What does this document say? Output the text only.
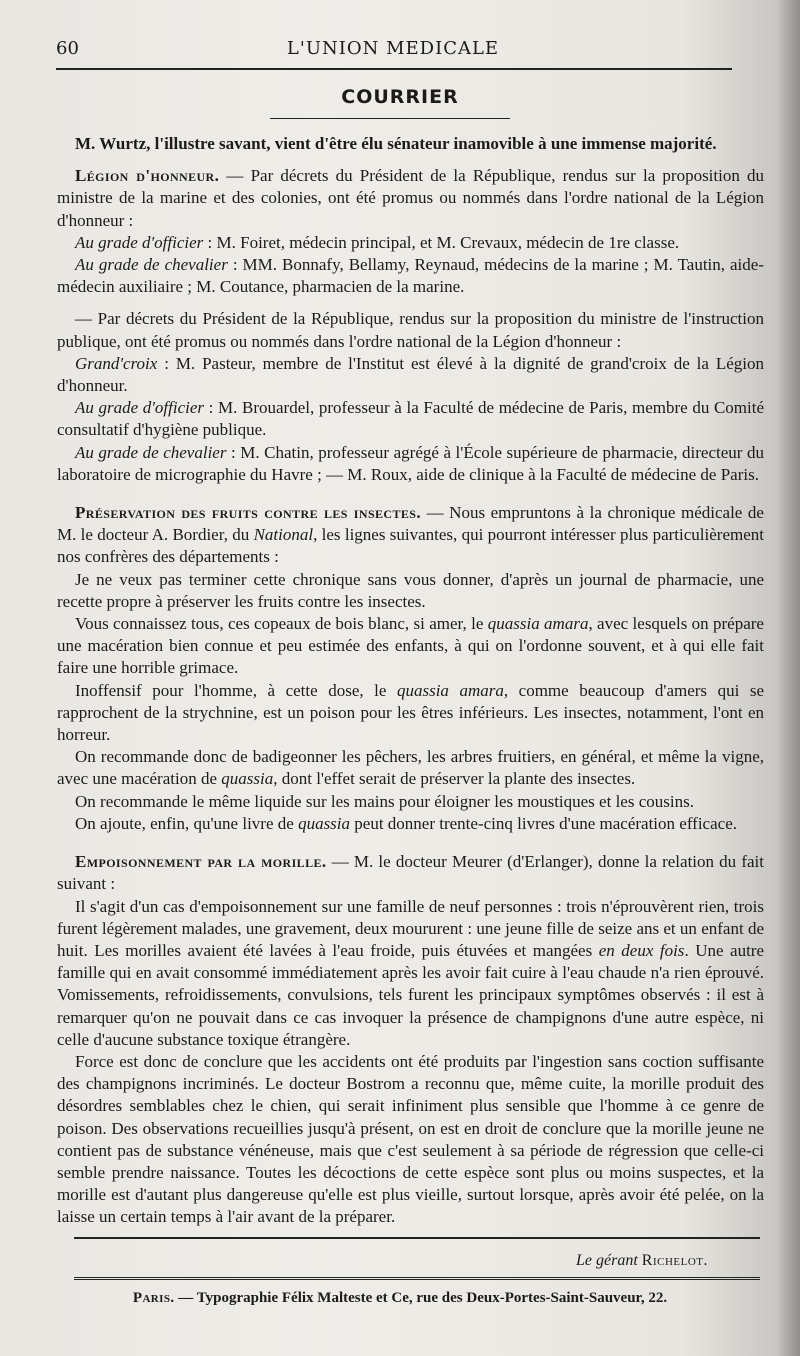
60	L'UNION MEDICALE
COURRIER

M. Wurtz, l'illustre savant, vient d'être élu sénateur inamovible à une immense majorité.

Légion d'honneur. — Par décrets du Président de la République, rendus sur la proposition du ministre de la marine et des colonies, ont été promus ou nommés dans l'ordre national de la Légion d'honneur :

Au grade d'officier : M. Foiret, médecin principal, et M. Crevaux, médecin de 1re classe.

Au grade de chevalier : MM. Bonnafy, Bellamy, Reynaud, médecins de la marine ; M. Tautin, aide-médecin auxiliaire ; M. Coutance, pharmacien de la marine.

— Par décrets du Président de la République, rendus sur la proposition du ministre de l'instruction publique, ont été promus ou nommés dans l'ordre national de la Légion d'honneur :

Grand'croix : M. Pasteur, membre de l'Institut est élevé à la dignité de grand'croix de la Légion d'honneur.

Au grade d'officier : M. Brouardel, professeur à la Faculté de médecine de Paris, membre du Comité consultatif d'hygiène publique.

Au grade de chevalier : M. Chatin, professeur agrégé à l'École supérieure de pharmacie, directeur du laboratoire de micrographie du Havre ; — M. Roux, aide de clinique à la Faculté de médecine de Paris.

Préservation des fruits contre les insectes. — Nous empruntons à la chronique médicale de M. le docteur A. Bordier, du National, les lignes suivantes, qui pourront intéresser plus particulièrement nos confrères des départements :

Je ne veux pas terminer cette chronique sans vous donner, d'après un journal de pharmacie, une recette propre à préserver les fruits contre les insectes.

Vous connaissez tous, ces copeaux de bois blanc, si amer, le quassia amara, avec lesquels on prépare une macération bien connue et peu estimée des enfants, à qui on l'ordonne souvent, et à qui elle fait faire une horrible grimace.

Inoffensif pour l'homme, à cette dose, le quassia amara, comme beaucoup d'amers qui se rapprochent de la strychnine, est un poison pour les êtres inférieurs. Les insectes, notamment, l'ont en horreur.

On recommande donc de badigeonner les pêchers, les arbres fruitiers, en général, et même la vigne, avec une macération de quassia, dont l'effet serait de préserver la plante des insectes.

On recommande le même liquide sur les mains pour éloigner les moustiques et les cousins.

On ajoute, enfin, qu'une livre de quassia peut donner trente-cinq livres d'une macération efficace.

Empoisonnement par la morille. — M. le docteur Meurer (d'Erlanger), donne la relation du fait suivant :

Il s'agit d'un cas d'empoisonnement sur une famille de neuf personnes : trois n'éprouvèrent rien, trois furent légèrement malades, une gravement, deux moururent : une jeune fille de seize ans et un enfant de huit. Les morilles avaient été lavées à l'eau froide, puis étuvées et mangées en deux fois. Une autre famille qui en avait consommé immédiatement après les avoir fait cuire à l'eau chaude n'a rien éprouvé. Vomissements, refroidissements, convulsions, tels furent les principaux symptômes observés : il est à remarquer qu'on ne pouvait dans ce cas invoquer la présence de champignons d'une autre espèce, ni celle d'aucune substance toxique étrangère.

Force est donc de conclure que les accidents ont été produits par l'ingestion sans coction suffisante des champignons incriminés. Le docteur Bostrom a reconnu que, même cuite, la morille produit des désordres semblables chez le chien, qui serait infiniment plus sensible que l'homme à ce genre de poison. Des observations recueillies jusqu'à présent, on est en droit de conclure que la morille jeune ne contient pas de substance vénéneuse, mais que c'est seulement à sa période de régression que celle-ci semble prendre naissance. Toutes les décoctions de cette espèce sont plus ou moins suspectes, et la morille est d'autant plus dangereuse qu'elle est plus vieille, surtout lorsque, après avoir été pelée, on la laisse un certain temps à l'air avant de la préparer.

Le gérant Richelot.
Paris. — Typographie Félix Malteste et Ce, rue des Deux-Portes-Saint-Sauveur, 22.
